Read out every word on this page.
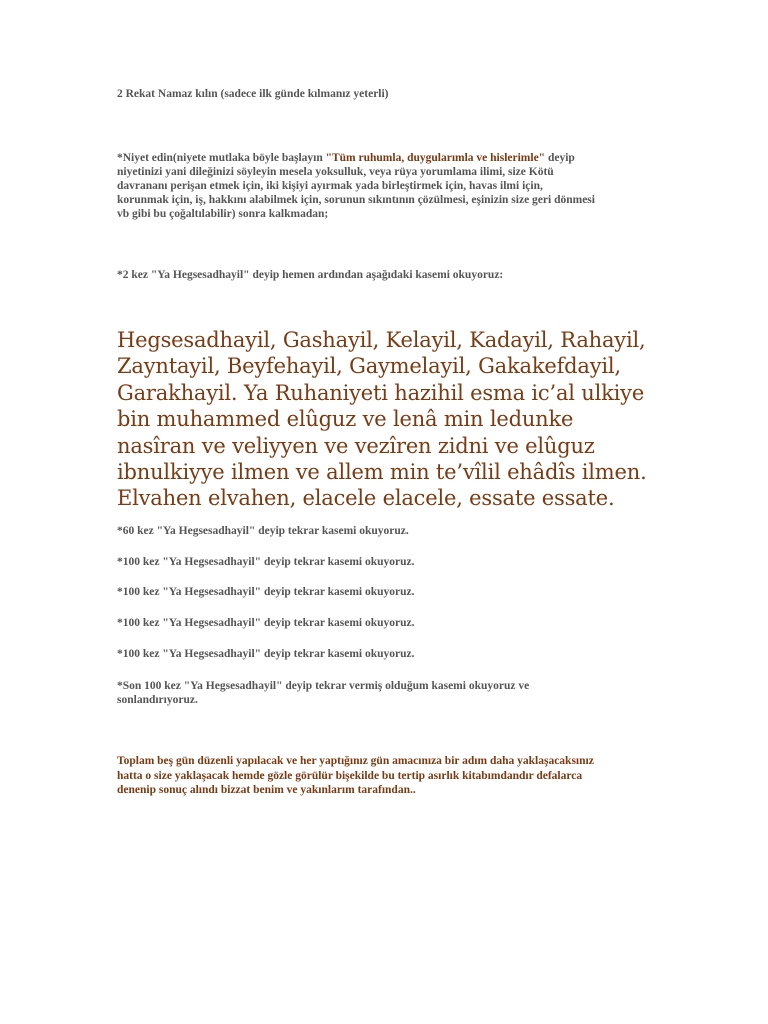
2 Rekat Namaz kılın (sadece ilk günde kılmanız yeterli)

*Niyet edin(niyete mutlaka böyle başlayın "Tüm ruhumla, duygularımla ve hislerimle" deyip niyetinizi yani dileğinizi söyleyin mesela yoksulluk, veya rüya yorumlama ilimi, size Kötü davrananı perişan etmek için, iki kişiyi ayırmak yada birleştirmek için, havas ilmi için, korunmak için, iş, hakkını alabilmek için, sorunun sıkıntının çözülmesi, eşinizin size geri dönmesi vb gibi bu çoğaltılabilir) sonra kalkmadan;

*2 kez "Ya Hegsesadhayil" deyip hemen ardından aşağıdaki kasemi okuyoruz:

Hegsesadhayil, Gashayil, Kelayil, Kadayil, Rahayil, Zayntayil, Beyfehayil, Gaymelayil, Gakakefdayil, Garakhayil. Ya Ruhaniyeti hazihil esma ic’al ulkiye bin muhammed elûguz ve lenâ min ledunke nasîran ve veliyyen ve vezîren zidni ve elûguz ibnulkiyye ilmen ve allem min te’vîlil ehâdîs ilmen. Elvahen elvahen, elacele elacele, essate essate.

*60 kez "Ya Hegsesadhayil" deyip tekrar kasemi okuyoruz.

*100 kez "Ya Hegsesadhayil" deyip tekrar kasemi okuyoruz.

*100 kez "Ya Hegsesadhayil" deyip tekrar kasemi okuyoruz.

*100 kez "Ya Hegsesadhayil" deyip tekrar kasemi okuyoruz.

*100 kez "Ya Hegsesadhayil" deyip tekrar kasemi okuyoruz.

*Son 100 kez "Ya Hegsesadhayil" deyip tekrar vermiş olduğum kasemi okuyoruz ve sonlandırıyoruz.

Toplam beş gün düzenli yapılacak ve her yaptığınız gün amacınıza bir adım daha yaklaşacaksınız hatta o size yaklaşacak hemde gözle görülür bişekilde bu tertip asırlık kitabımdandır defalarca denenip sonuç alındı bizzat benim ve yakınlarım tarafından..
